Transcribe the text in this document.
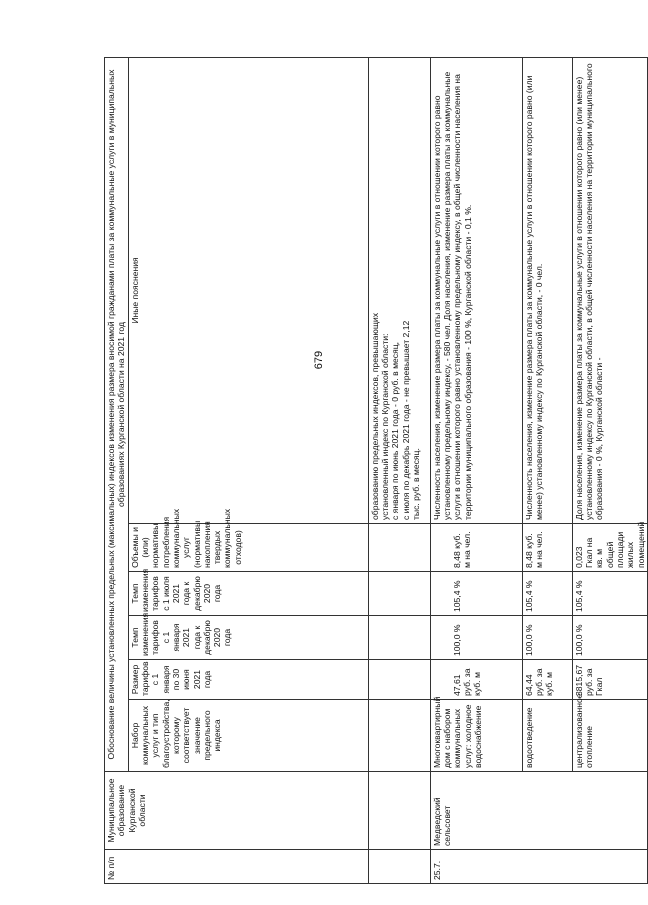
679
№ п/п	Муниципальное образование Курганской области	Обоснование величины установленных предельных (максимальных) индексов изменения размера вносимой гражданами платы за коммунальные услуги в муниципальных образованиях Курганской области на 2021 год					
		Набор коммунальных услуг и тип благоустройства, которому соответствует значение предельного индекса	Размер тарифов с 1 января по 30 июня 2021 года	Темп изменения тарифов с 1 января 2021 года к декабрю 2020 года	Темп изменения тарифов с 1 июля 2021 года к декабрю 2020 года	Объемы и (или) нормативы потребления коммунальных услуг (нормативы накопления твердых коммунальных отходов)	Иные пояснения

							образованию предельных индексов, превышающих установленный индекс по Курганской области: с января по июнь 2021 года - 0 руб. в месяц, с июля по декабрь 2021 года - не превышает 2,12 тыс. руб. в месяц.

25.7.	Медведский сельсовет	Многоквартирный дом с набором коммунальных услуг: холодное водоснабжение	47,61 руб. за куб. м	100,0 %	105,4 %	8,48 куб. м на чел.	Численность населения, изменение размера платы за коммунальные услуги в отношении которого равно установленному предельному индексу, - 580 чел. Доля населения, изменение размера платы за коммунальные услуги в отношении которого равно установленному предельному индексу, в общей численности населения на территории муниципального образования - 100 %, Курганской области - 0,1 %.
		водоотведение	64,44 руб. за куб. м	100,0 %	105,4 %	8,48 куб. м на чел.	Численность населения, изменение размера платы за коммунальные услуги в отношении которого равно (или менее) установленному индексу по Курганской области, - 0 чел.
		централизованное отопление	3815,67 руб. за Гкал	100,0 %	105,4 %	0,023 Гкал на кв. м общей площади жилых помещений	Доля населения, изменение размера платы за коммунальные услуги в отношении которого равно (или менее) установленному индексу по Курганской области, в общей численности населения на территории муниципального образования - 0 %, Курганской области -
